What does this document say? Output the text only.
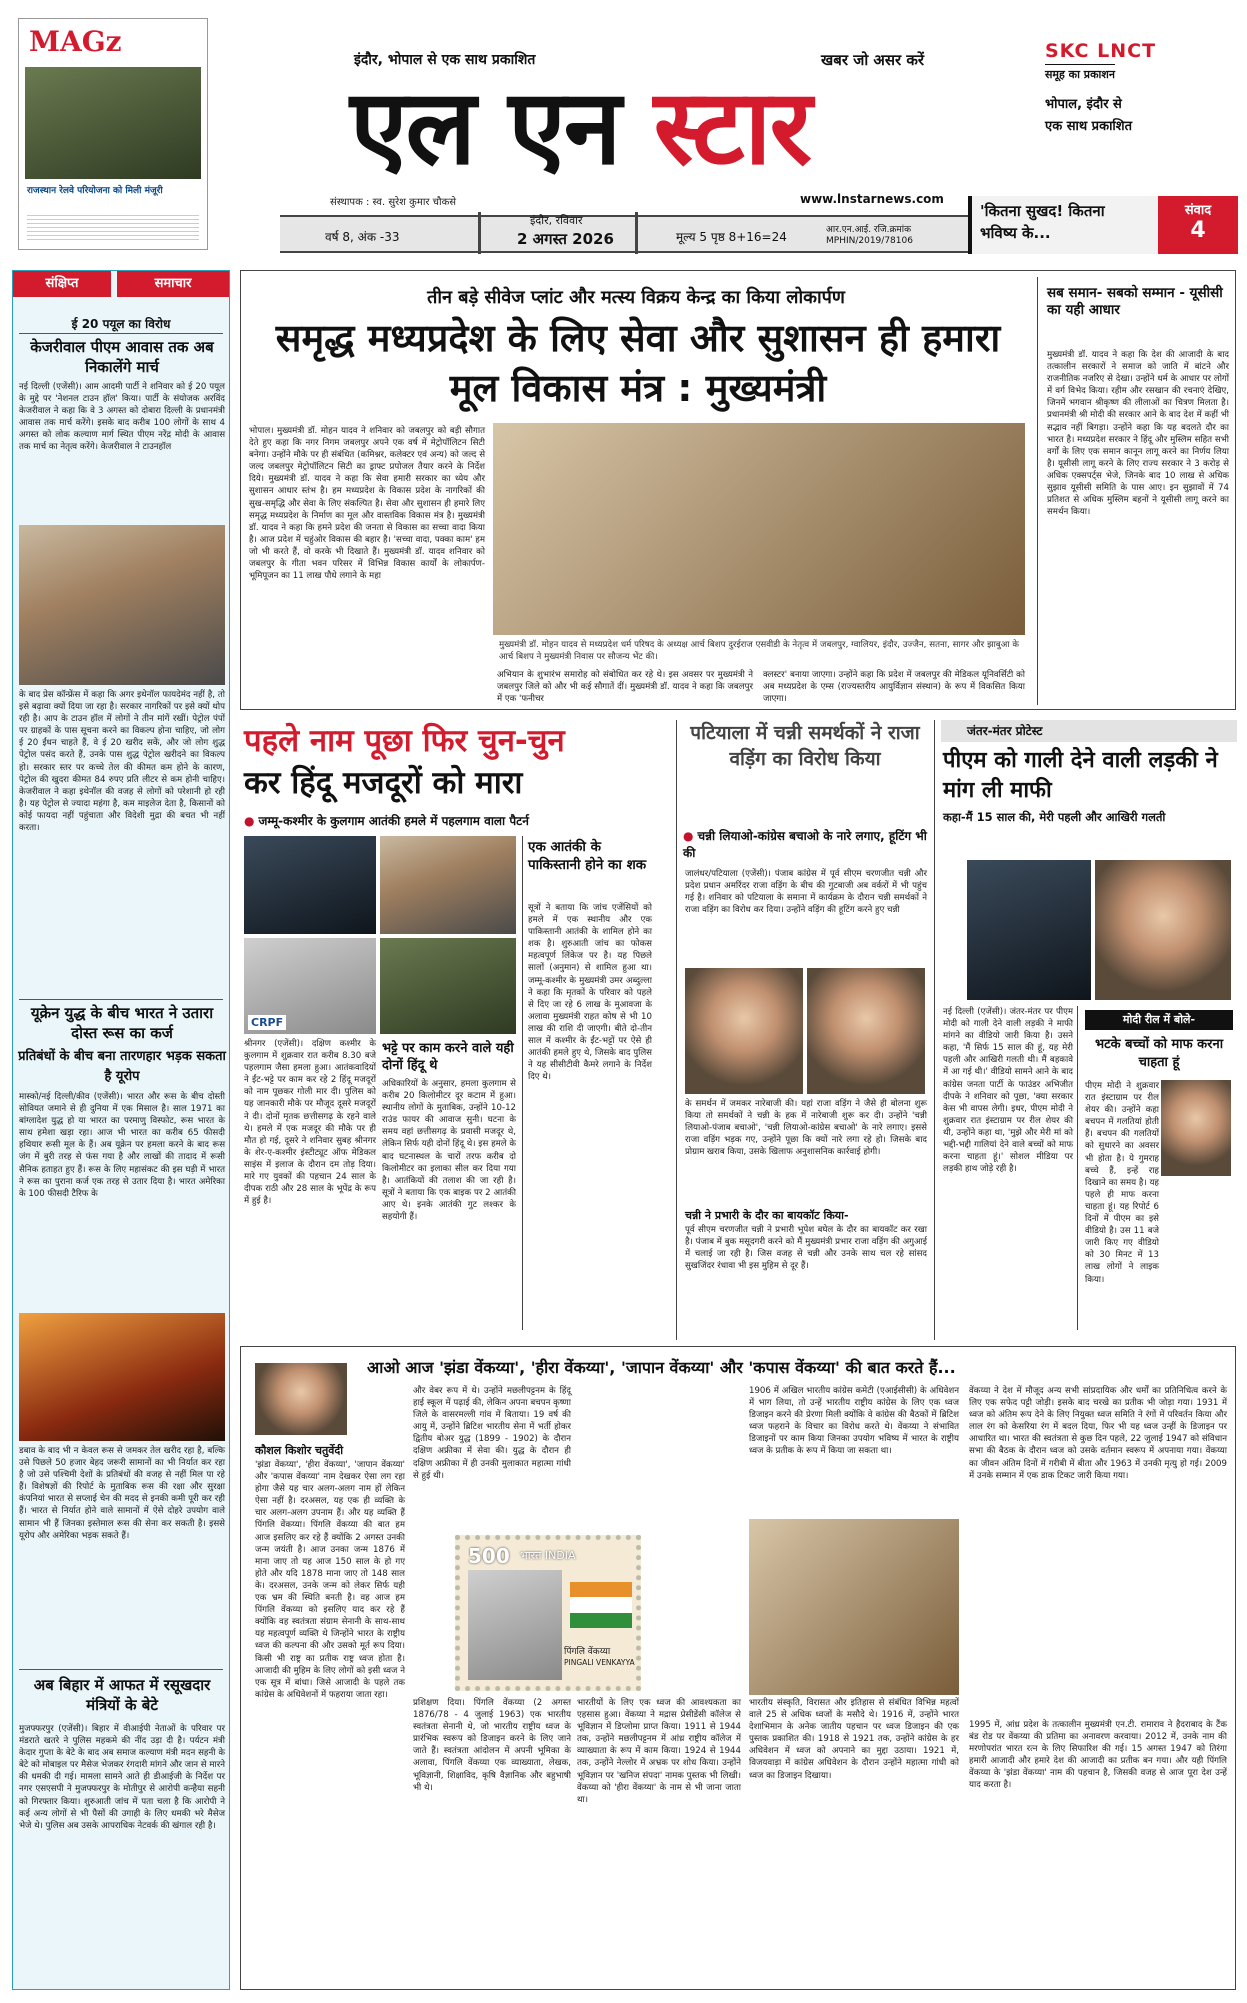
MAGz
राजस्थान रेलवे परियोजना को मिली मंजूरी
इंदौर, भोपाल से एक साथ प्रकाशित	खबर जो असर करें
एल एन स्टार
www.lnstarnews.com
संस्थापक : स्व. सुरेश कुमार चौकसे
SKC LNCT
समूह का प्रकाशन
भोपाल, इंदौर से
एक साथ प्रकाशित
वर्ष 8, अंक -33
इंदौर, रविवार
2 अगस्त 2026	मूल्य 5 पृष्ठ 8+16=24	आर.एन.आई. रजि.क्रमांक
MPHIN/2019/78106
'कितना सुखद! कितना भविष्य के...
संवाद
4
संक्षिप्त	समाचार
ई 20 पयूल का विरोध
केजरीवाल पीएम आवास तक अब निकालेंगे मार्च
नई दिल्ली (एजेंसी)। आम आदमी पार्टी ने शनिवार को ई 20 पयूल के मुद्दे पर 'नेशनल टाउन हॉल' किया। पार्टी के संयोजक अरविंद केजरीवाल ने कहा कि वे 3 अगस्त को दोबारा दिल्ली के प्रधानमंत्री आवास तक मार्च करेंगे। इसके बाद करीब 100 लोगों के साथ 4 अगस्त को लोक कल्याण मार्ग स्थित पीएम नरेंद्र मोदी के आवास तक मार्च का नेतृत्व करेंगे। केजरीवाल ने टाउनहॉल
के बाद प्रेस कॉन्फ्रेंस में कहा कि अगर इथेनॉल फायदेमंद नहीं है, तो इसे बढ़ावा क्यों दिया जा रहा है। सरकार नागरिकों पर इसे क्यों थोप रही है। आप के टाउन हॉल में लोगों ने तीन मांगें रखीं। पेट्रोल पंपों पर ग्राहकों के पास सूचना करने का विकल्प होना चाहिए, जो लोग ई 20 ईंधन चाहते हैं, वे ई 20 खरीद सकें, और जो लोग शुद्ध पेट्रोल पसंद करते हैं, उनके पास शुद्ध पेट्रोल खरीदने का विकल्प हो। सरकार स्तर पर कच्चे तेल की कीमत कम होने के कारण, पेट्रोल की खुदरा कीमत 84 रुपए प्रति लीटर से कम होनी चाहिए। केजरीवाल ने कहा इथेनॉल की वजह से लोगों को परेशानी हो रही है। यह पेट्रोल से ज्यादा महंगा है, कम माइलेज देता है, किसानों को कोई फायदा नहीं पहुंचाता और विदेशी मुद्रा की बचत भी नहीं करता।
यूक्रेन युद्ध के बीच भारत ने उतारा दोस्त रूस का कर्ज
प्रतिबंधों के बीच बना तारणहार भड़क सकता है यूरोप
मास्को/नई दिल्ली/कीव (एजेंसी)। भारत और रूस के बीच दोस्ती सोवियत जमाने से ही दुनिया में एक मिसाल है। साल 1971 का बांग्लादेश युद्ध हो या भारत का परमाणु विस्फोट, रूस भारत के साथ हमेशा खड़ा रहा। आज भी भारत का करीब 65 फीसदी हथियार रूसी मूल के हैं। अब यूक्रेन पर हमला करने के बाद रूस जंग में बुरी तरह से फंस गया है और लाखों की तादाद में रूसी सैनिक हताहत हुए हैं। रूस के लिए महासंकट की इस घड़ी में भारत ने रूस का पुराना कर्ज एक तरह से उतार दिया है। भारत अमेरिका के 100 फीसदी टैरिफ के
डबाव के बाद भी न केवल रूस से जमकर तेल खरीद रहा है, बल्कि उसे पिछले 50 हजार बेहद जरूरी सामानों का भी निर्यात कर रहा है जो उसे पश्चिमी देशों के प्रतिबंधों की वजह से नहीं मिल पा रहे हैं। विशेषज्ञों की रिपोर्ट के मुताबिक रूस की रक्षा और सुरक्षा कंपनियां भारत से सप्लाई चेन की मदद से इनकी कमी पूरी कर रही हैं। भारत से निर्यात होने वाले सामानों में ऐसे दोहरे उपयोग वाले सामान भी हैं जिनका इस्तेमाल रूस की सेना कर सकती है। इससे यूरोप और अमेरिका भड़क सकते हैं।
अब बिहार में आफत में रसूखदार मंत्रियों के बेटे
मुजफ्फरपुर (एजेंसी)। बिहार में वीआईपी नेताओं के परिवार पर मंडराते खतरे ने पुलिस महकमे की नींद उड़ा दी है। पर्यटन मंत्री केदार गुप्ता के बेटे के बाद अब समाज कल्याण मंत्री मदन सहनी के बेटे को मोबाइल पर मैसेज भेजकर रंगदारी मांगने और जान से मारने की धमकी दी गई। मामला सामने आते ही डीआईजी के निर्देश पर नगर एसएसपी ने मुजफ्फरपुर के मोतीपुर से आरोपी कन्हैया सहनी को गिरफ्तार किया। शुरुआती जांच में पता चला है कि आरोपी ने कई अन्य लोगों से भी पैसों की उगाही के लिए धमकी भरे मैसेज भेजे थे। पुलिस अब उसके आपराधिक नेटवर्क की खंगाल रही है।
तीन बड़े सीवेज प्लांट और मत्स्य विक्रय केन्द्र का किया लोकार्पण
समृद्ध मध्यप्रदेश के लिए सेवा और सुशासन ही हमारा मूल विकास मंत्र : मुख्यमंत्री
भोपाल। मुख्यमंत्री डॉ. मोहन यादव ने शनिवार को जबलपुर को बड़ी सौगात देते हुए कहा कि नगर निगम जबलपुर अपने एक वर्ष में मेट्रोपॉलिटन सिटी बनेगा। उन्होंने मौके पर ही संबंधित (कमिश्नर, कलेक्टर एवं अन्य) को जल्द से जल्द जबलपुर मेट्रोपॉलिटन सिटी का ड्राफ्ट प्रपोजल तैयार करने के निर्देश दिये। मुख्यमंत्री डॉ. यादव ने कहा कि सेवा हमारी सरकार का ध्येय और सुशासन आधार स्तंभ है। हम मध्यप्रदेश के विकास प्रदेश के नागरिकों की सुख-समृद्धि और सेवा के लिए संकल्पित है। सेवा और सुशासन ही हमारे लिए समृद्ध मध्यप्रदेश के निर्माण का मूल और वास्तविक विकास मंत्र है। मुख्यमंत्री डॉ. यादव ने कहा कि हमने प्रदेश की जनता से विकास का सच्चा वादा किया है। आज प्रदेश में चहुंओर विकास की बहार है। 'सच्चा वादा, पक्का काम' हम जो भी करते हैं, वो करके भी दिखाते हैं। मुख्यमंत्री डॉ. यादव शनिवार को जबलपुर के गीता भवन परिसर में विभिन्न विकास कार्यों के लोकार्पण-भूमिपूजन का 11 लाख पौधे लगाने के महा
मुख्यमंत्री डॉ. मोहन यादव से मध्यप्रदेश धर्म परिषद के अध्यक्ष आर्च बिशप दुरईराज एसवीडी के नेतृत्व में जबलपुर, ग्वालियर, इंदौर, उज्जैन, सतना, सागर और झाबुआ के आर्च बिशप ने मुख्यमंत्री निवास पर सौजन्य भेंट की।
अभियान के शुभारंभ समारोह को संबोधित कर रहे थे। इस अवसर पर मुख्यमंत्री ने जबलपुर जिले को और भी कई सौगातें दीं। मुख्यमंत्री डॉ. यादव ने कहा कि जबलपुर में एक 'फनीचर
क्लस्टर' बनाया जाएगा। उन्होंने कहा कि प्रदेश में जबलपुर की मेडिकल यूनिवर्सिटी को अब मध्यप्रदेश के एम्स (राज्यस्तरीय आयुर्विज्ञान संस्थान) के रूप में विकसित किया जाएगा।
सब समान- सबको सम्मान - यूसीसी का यही आधार
मुख्यमंत्री डॉ. यादव ने कहा कि देश की आजादी के बाद तत्कालीन सरकारों ने समाज को जाति में बांटने और राजनीतिक नजरिए से देखा। उन्होंने धर्म के आधार पर लोगों में वर्ग विभेद किया। रहीम और रसखान की रचनाएं देखिए, जिनमें भगवान श्रीकृष्ण की लीलाओं का चित्रण मिलता है। प्रधानमंत्री श्री मोदी की सरकार आने के बाद देश में कहीं भी सद्भाव नहीं बिगड़ा। उन्होंने कहा कि यह बदलते दौर का भारत है। मध्यप्रदेश सरकार ने हिंदू और मुस्लिम सहित सभी वर्गों के लिए एक समान कानून लागू करने का निर्णय लिया है। यूसीसी लागू करने के लिए राज्य सरकार ने 3 करोड़ से अधिक एक्सपर्ट्स भेजे, जिनके बाद 10 लाख से अधिक सुझाव यूसीसी समिति के पास आए। इन सुझावों में 74 प्रतिशत से अधिक मुस्लिम बहनों ने यूसीसी लागू करने का समर्थन किया।
पहले नाम पूछा फिर चुन-चुन
कर हिंदू मजदूरों को मारा
● जम्मू-कश्मीर के कुलगाम आतंकी हमले में पहलगाम वाला पैटर्न
CRPF
श्रीनगर (एजेंसी)। दक्षिण कश्मीर के कुलगाम में शुक्रवार रात करीब 8.30 बजे पहलगाम जैसा हमला हुआ। आतंकवादियों ने ईंट-भट्टे पर काम कर रहे 2 हिंदू मजदूरों को नाम पूछकर गोली मार दी। पुलिस को यह जानकारी मौके पर मौजूद दूसरे मजदूरों ने दी। दोनों मृतक छत्तीसगढ़ के रहने वाले थे। हमले में एक मजदूर की मौके पर ही मौत हो गई, दूसरे ने शनिवार सुबह श्रीनगर के शेर-ए-कश्मीर इंस्टीट्यूट ऑफ मेडिकल साइंस में इलाज के दौरान दम तोड़ दिया। मारे गए युवकों की पहचान 24 साल के दीपक राठी और 28 साल के भूपेंद्र के रूप में हुई है।
भट्टे पर काम करने वाले यही दोनों हिंदू थे
अधिकारियों के अनुसार, हमला कुलगाम से करीब 20 किलोमीटर दूर कटाम में हुआ। स्थानीय लोगों के मुताबिक, उन्होंने 10-12 राउंड फायर की आवाज सुनी। घटना के समय वहां छत्तीसगढ़ के प्रवासी मजदूर थे, लेकिन सिर्फ यही दोनों हिंदू थे। इस हमले के बाद घटनास्थल के चारों तरफ करीब दो किलोमीटर का इलाका सील कर दिया गया है। आतंकियों की तलाश की जा रही है। सूत्रों ने बताया कि एक बाइक पर 2 आतंकी आए थे। इनके आतंकी गुट लश्कर के सहयोगी हैं।
एक आतंकी के पाकिस्तानी होने का शक
सूत्रों ने बताया कि जांच एजेंसियों को हमले में एक स्थानीय और एक पाकिस्तानी आतंकी के शामिल होने का शक है। शुरुआती जांच का फोकस महत्वपूर्ण लिंकेज पर है। यह पिछले सालों (अनुमान) से शामिल हुआ था। जम्मू-कश्मीर के मुख्यमंत्री उमर अब्दुल्ला ने कहा कि मृतकों के परिवार को पहले से दिए जा रहे 6 लाख के मुआवजा के अलावा मुख्यमंत्री राहत कोष से भी 10 लाख की राशि दी जाएगी। बीते दो-तीन साल में कश्मीर के ईंट-भट्टों पर ऐसे ही आतंकी हमले हुए थे, जिसके बाद पुलिस ने यह सीसीटीवी कैमरे लगाने के निर्देश दिए थे।
पटियाला में चन्नी समर्थकों ने राजा वड़िंग का विरोध किया
● चन्नी लियाओ-कांग्रेस बचाओ के नारे लगाए, हूटिंग भी की
जालंधर/पटियाला (एजेंसी)। पंजाब कांग्रेस में पूर्व सीएम चरणजीत चन्नी और प्रदेश प्रधान अमरिंदर राजा वड़िंग के बीच की गुटबाजी अब वर्करों में भी पहुंच गई है। शनिवार को पटियाला के समाना में कार्यक्रम के दौरान चन्नी समर्थकों ने राजा वड़िंग का विरोध कर दिया। उन्होंने वड़िंग की हूटिंग करने हुए चन्नी
के समर्थन में जमकर नारेबाजी की। यहां राजा वड़िंग ने जैसे ही बोलना शुरू किया तो समर्थकों ने चन्नी के हक में नारेबाजी शुरू कर दी। उन्होंने 'चन्नी लियाओ-पंजाब बचाओ', 'चन्नी लियाओ-कांग्रेस बचाओ' के नारे लगाए। इससे राजा वड़िंग भड़क गए, उन्होंने पूछा कि क्यों नारे लगा रहे हो। जिसके बाद प्रोग्राम खराब किया, उसके खिलाफ अनुशासनिक कार्रवाई होगी।
चन्नी ने प्रभारी के दौर का बायकॉट किया-
पूर्व सीएम चरणजीत चन्नी ने प्रभारी भूपेश बघेल के दौर का बायकॉट कर रखा है। पंजाब में बुक मसूदगरी करने को मैं मुख्यमंत्री प्रभार राजा वड़िंग की अगुआई में चलाई जा रही है। जिस वजह से चन्नी और उनके साथ चल रहे सांसद सुखजिंदर रंधावा भी इस मुहिम से दूर हैं।
जंतर-मंतर प्रोटेस्ट
पीएम को गाली देने वाली लड़की ने मांग ली माफी
कहा-मैं 15 साल की, मेरी पहली और आखिरी गलती
नई दिल्ली (एजेंसी)। जंतर-मंतर पर पीएम मोदी को गाली देने वाली लड़की ने माफी मांगने का वीडियो जारी किया है। उसने कहा, 'मैं सिर्फ 15 साल की हूं, यह मेरी पहली और आखिरी गलती थी। मैं बहकावे में आ गई थी।' वीडियो सामने आने के बाद कांग्रेस जनता पार्टी के फाउंडर अभिजीत दीपके ने शनिवार को पूछा, 'क्या सरकार केस भी वापस लेगी। इधर, पीएम मोदी ने शुक्रवार रात इंस्टाग्राम पर रील शेयर की थी, उन्होंने कहा था, 'मुझे और मेरी मां को भद्दी-भद्दी गालियां देने वाले बच्चों को माफ करना चाहता हूं।' सोशल मीडिया पर लड़की हाथ जोड़े रही है।
मोदी रील में बोले-
भटके बच्चों को माफ करना चाहता हूं
पीएम मोदी ने शुक्रवार रात इंस्टाग्राम पर रील शेयर की। उन्होंने कहा बचपन में गलतियां होती हैं। बचपन की गलतियों को सुधारने का अवसर भी होता है। ये गुमराह बच्चे हैं, इन्हें राह दिखाने का समय है। यह पहले ही माफ करना चाहता हूं। यह रिपोर्ट 6 दिनों में पीएम का इसे वीडियो है। उस 11 बजे जारी किए गए वीडियो को 30 मिनट में 13 लाख लोगों ने लाइक किया।
आओ आज 'झंडा वेंकय्या', 'हीरा वेंकय्या', 'जापान वेंकय्या' और 'कपास वेंकय्या' की बात करते हैं...
कौशल किशोर चतुर्वेदी
'झंडा वेंकय्या', 'हीरा वेंकय्या', 'जापान वेंकय्या' और 'कपास वेंकय्या' नाम देखकर ऐसा लग रहा होगा जैसे यह चार अलग-अलग नाम हों लेकिन ऐसा नहीं है। दरअसल, यह एक ही व्यक्ति के चार अलग-अलग उपनाम हैं। और यह व्यक्ति हैं पिंगलि वेंकय्या। पिंगलि वेंकय्या की बात हम आज इसलिए कर रहे हैं क्योंकि 2 अगस्त उनकी जन्म जयंती है। आज उनका जन्म 1876 में माना जाए तो यह आज 150 साल के हो गए होते और यदि 1878 माना जाए तो 148 साल के। दरअसल, उनके जन्म को लेकर सिर्फ यही एक भ्रम की स्थिति बनती है। वह आज हम पिंगलि वेंकय्या को इसलिए याद कर रहे हैं क्योंकि वह स्वतंत्रता संग्राम सेनानी के साथ-साथ यह महत्वपूर्ण व्यक्ति थे जिन्होंने भारत के राष्ट्रीय ध्वज की कल्पना की और उसको मूर्त रूप दिया। किसी भी राष्ट्र का प्रतीक राष्ट्र ध्वज होता है। आजादी की मुहिम के लिए लोगों को इसी ध्वज ने एक सूत्र में बांधा। जिसे आजादी के पहले तक कांग्रेस के अधिवेशनों में फहराया जाता रहा।
और वेबर रूप में थे। उन्होंने मछलीपट्टनम के हिंदू हाई स्कूल में पढ़ाई की, लेकिन अपना बचपन कृष्णा जिले के वासरमल्ली गांव में बिताया। 19 वर्ष की आयु में, उन्होंने ब्रिटिश भारतीय सेना में भर्ती होकर द्वितीय बोअर युद्ध (1899 - 1902) के दौरान दक्षिण अफ्रीका में सेवा की। युद्ध के दौरान ही दक्षिण अफ्रीका में ही उनकी मुलाकात महात्मा गांधी से हुई थी।
500 भारत INDIA
पिंगलि वेंकय्या
PINGALI VENKAYYA
प्रशिक्षण दिया। पिंगलि वेंकय्या (2 अगस्त 1876/78 - 4 जुलाई 1963) एक भारतीय स्वतंत्रता सेनानी थे, जो भारतीय राष्ट्रीय ध्वज के प्रारंभिक स्वरूप को डिजाइन करने के लिए जाने जाते हैं। स्वतंत्रता आंदोलन में अपनी भूमिका के अलावा, पिंगलि वेंकय्या एक व्याख्याता, लेखक, भूविज्ञानी, शिक्षाविद, कृषि वैज्ञानिक और बहुभाषी भी थे।
भारतीयों के लिए एक ध्वज की आवश्यकता का एहसास हुआ। वेंकय्या ने मद्रास प्रेसीडेंसी कॉलेज से भूविज्ञान में डिप्लोमा प्राप्त किया। 1911 से 1944 तक, उन्होंने मछलीपट्टनम में आंध्र राष्ट्रीय कॉलेज में व्याख्याता के रूप में काम किया। 1924 से 1944 तक, उन्होंने नेल्लोर में अभ्रक पर शोध किया। उन्होंने भूविज्ञान पर 'खनिज संपदा' नामक पुस्तक भी लिखी। वेंकय्या को 'हीरा वेंकय्या' के नाम से भी जाना जाता था।
1906 में अखिल भारतीय कांग्रेस कमेटी (एआईसीसी) के अधिवेशन में भाग लिया, तो उन्हें भारतीय राष्ट्रीय कांग्रेस के लिए एक ध्वज डिजाइन करने की प्रेरणा मिली क्योंकि वे कांग्रेस की बैठकों में ब्रिटिश ध्वज फहराने के विचार का विरोध करते थे। वेंकय्या ने संभावित डिजाइनों पर काम किया जिनका उपयोग भविष्य में भारत के राष्ट्रीय ध्वज के प्रतीक के रूप में किया जा सकता था।
भारतीय संस्कृति, विरासत और इतिहास से संबंधित विभिन्न महत्वों वाले 25 से अधिक ध्वजों के मसौदे थे। 1916 में, उन्होंने भारत देशाभिमान के अनेक जातीय पहचान पर ध्वज डिजाइन की एक पुस्तक प्रकाशित की। 1918 से 1921 तक, उन्होंने कांग्रेस के हर अधिवेशन में ध्वज को अपनाने का मुद्दा उठाया। 1921 में, विजयवाड़ा में कांग्रेस अधिवेशन के दौरान उन्होंने महात्मा गांधी को ध्वज का डिजाइन दिखाया।
वेंकय्या ने देश में मौजूद अन्य सभी सांप्रदायिक और धर्मों का प्रतिनिधित्व करने के लिए एक सफेद पट्टी जोड़ी। इसके बाद चरखे का प्रतीक भी जोड़ा गया। 1931 में ध्वज को अंतिम रूप देने के लिए नियुक्त ध्वज समिति ने रंगों में परिवर्तन किया और लाल रंग को केसरिया रंग में बदल दिया, फिर भी यह ध्वज उन्हीं के डिजाइन पर आधारित था। भारत की स्वतंत्रता से कुछ दिन पहले, 22 जुलाई 1947 को संविधान सभा की बैठक के दौरान ध्वज को उसके वर्तमान स्वरूप में अपनाया गया। वेंकय्या का जीवन अंतिम दिनों में गरीबी में बीता और 1963 में उनकी मृत्यु हो गई। 2009 में उनके सम्मान में एक डाक टिकट जारी किया गया।
1995 में, आंध्र प्रदेश के तत्कालीन मुख्यमंत्री एन.टी. रामाराव ने हैदराबाद के टैंक बंड रोड पर वेंकय्या की प्रतिमा का अनावरण करवाया। 2012 में, उनके नाम की मरणोपरांत भारत रत्न के लिए सिफारिश की गई। 15 अगस्त 1947 को तिरंगा हमारी आजादी और हमारे देश की आजादी का प्रतीक बन गया। और यही पिंगलि वेंकय्या के 'झंडा वेंकय्या' नाम की पहचान है, जिसकी वजह से आज पूरा देश उन्हें याद करता है।
